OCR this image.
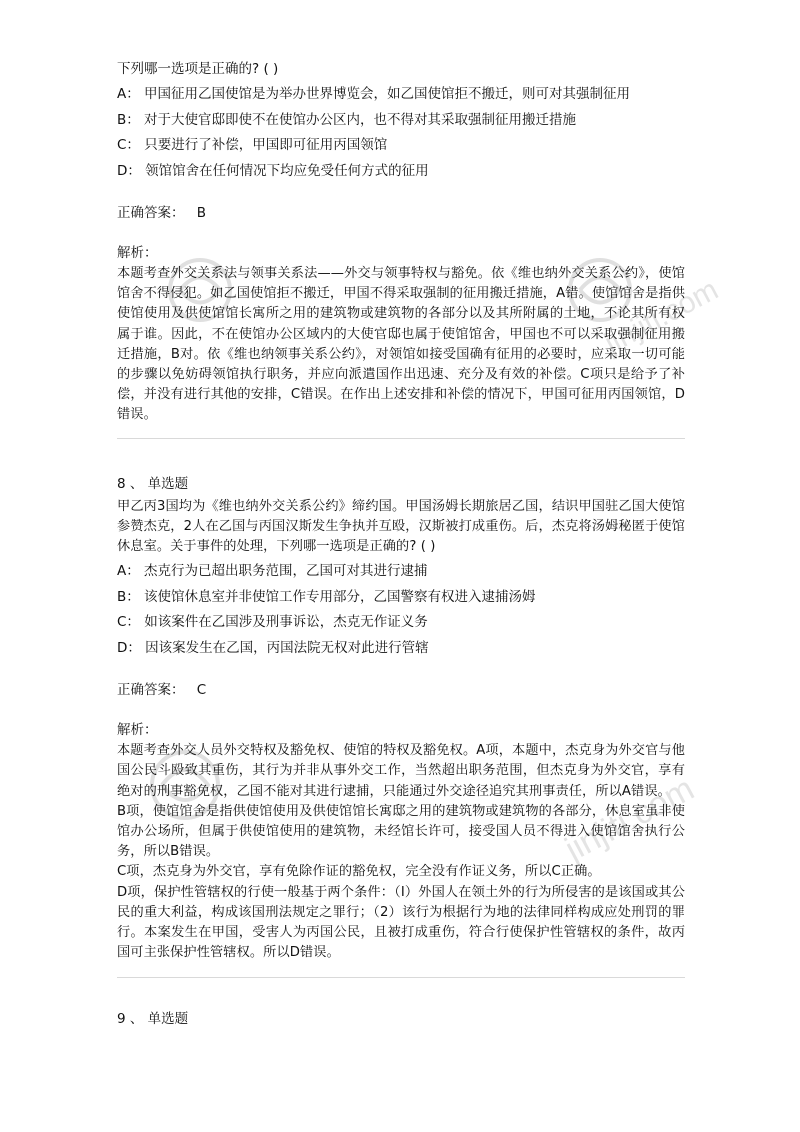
jinjiti.com
jinjiti.com
下列哪一选项是正确的? ( )
A： 甲国征用乙国使馆是为举办世界博览会，如乙国使馆拒不搬迁，则可对其强制征用
B： 对于大使官邸即使不在使馆办公区内，也不得对其采取强制征用搬迁措施
C： 只要进行了补偿，甲国即可征用丙国领馆
D： 领馆馆舍在任何情况下均应免受任何方式的征用
正确答案： B
解析：

本题考查外交关系法与领事关系法——外交与领事特权与豁免。依《维也纳外交关系公约》，使馆馆舍不得侵犯。如乙国使馆拒不搬迁，甲国不得采取强制的征用搬迁措施，A错。使馆馆舍是指供使馆使用及供使馆馆长寓所之用的建筑物或建筑物的各部分以及其所附属的土地，不论其所有权属于谁。因此，不在使馆办公区域内的大使官邸也属于使馆馆舍，甲国也不可以采取强制征用搬迁措施，B对。依《维也纳领事关系公约》，对领馆如接受国确有征用的必要时，应采取一切可能的步骤以免妨碍领馆执行职务，并应向派遣国作出迅速、充分及有效的补偿。C项只是给予了补偿，并没有进行其他的安排，C错误。在作出上述安排和补偿的情况下，甲国可征用丙国领馆，D错误。

8 、 单选题

甲乙丙3国均为《维也纳外交关系公约》缔约国。甲国汤姆长期旅居乙国，结识甲国驻乙国大使馆参赞杰克，2人在乙国与丙国汉斯发生争执并互殴，汉斯被打成重伤。后，杰克将汤姆秘匿于使馆休息室。关于事件的处理，下列哪一选项是正确的? ( )

A： 杰克行为已超出职务范围，乙国可对其进行逮捕
B： 该使馆休息室并非使馆工作专用部分，乙国警察有权进入逮捕汤姆
C： 如该案件在乙国涉及刑事诉讼，杰克无作证义务
D： 因该案发生在乙国，丙国法院无权对此进行管辖
正确答案： C
解析：

本题考查外交人员外交特权及豁免权、使馆的特权及豁免权。A项，本题中，杰克身为外交官与他国公民斗殴致其重伤，其行为并非从事外交工作，当然超出职务范围，但杰克身为外交官，享有绝对的刑事豁免权，乙国不能对其进行逮捕，只能通过外交途径追究其刑事责任，所以A错误。

B项，使馆馆舍是指供使馆使用及供使馆馆长寓邸之用的建筑物或建筑物的各部分，休息室虽非使馆办公场所，但属于供使馆使用的建筑物，未经馆长许可，接受国人员不得进入使馆馆舍执行公务，所以B错误。

C项，杰克身为外交官，享有免除作证的豁免权，完全没有作证义务，所以C正确。

D项，保护性管辖权的行使一般基于两个条件：（Ⅰ）外国人在领土外的行为所侵害的是该国或其公民的重大利益，构成该国刑法规定之罪行；（2）该行为根据行为地的法律同样构成应处刑罚的罪行。本案发生在甲国，受害人为丙国公民，且被打成重伤，符合行使保护性管辖权的条件，故丙国可主张保护性管辖权。所以D错误。

9 、 单选题
